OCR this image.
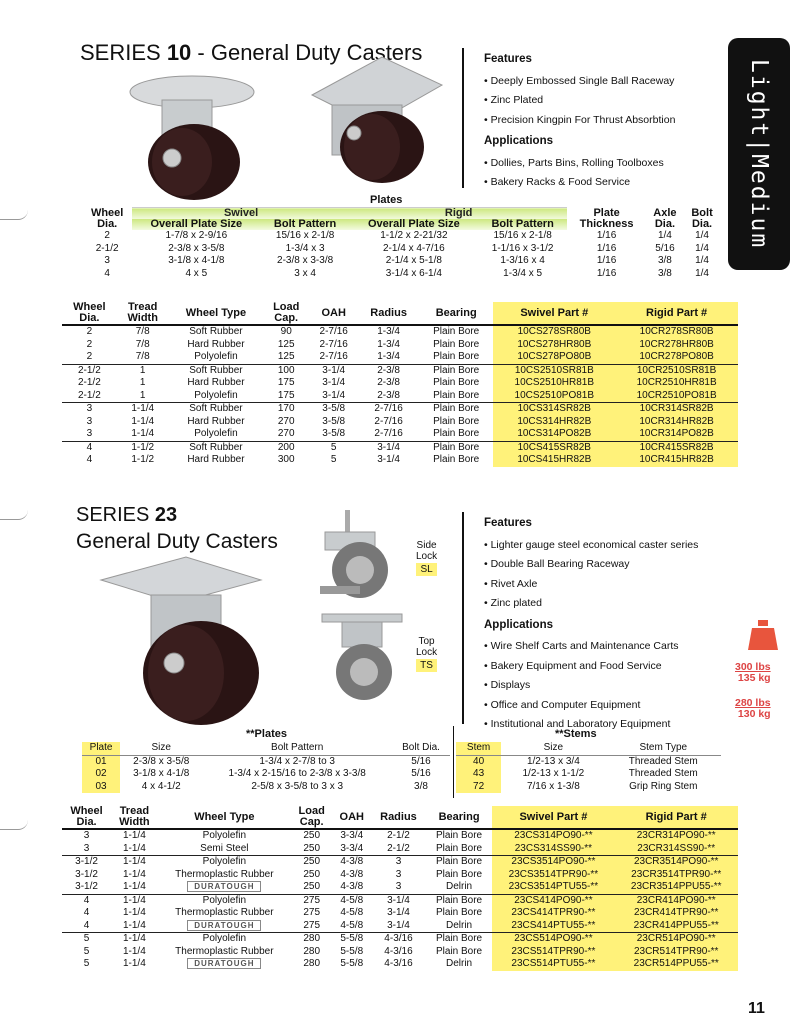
SERIES 10 - General Duty Casters	Features
• Deeply Embossed Single Ball Raceway
• Zinc Plated
• Precision Kingpin For Thrust Absorbtion
Applications
• Dollies, Parts Bins, Rolling Toolboxes
• Bakery Racks & Food Service	Light|Medium
Plates
Wheel
Dia.	Swivel		Rigid		Plate
Thickness	Axle
Dia.	Bolt
Dia.
	Overall Plate Size	Bolt Pattern	Overall Plate Size	Bolt Pattern			
2	1-7/8 x 2-9/16	15/16 x 2-1/8	1-1/2 x 2-21/32	15/16 x 2-1/8	1/16	1/4	1/4
2-1/2	2-3/8 x 3-5/8	1-3/4 x 3	2-1/4 x 4-7/16	1-1/16 x 3-1/2	1/16	5/16	1/4
3	3-1/8 x 4-1/8	2-3/8 x 3-3/8	2-1/4 x 5-1/8	1-3/16 x 4	1/16	3/8	1/4
4	4 x 5	3 x 4	3-1/4 x 6-1/4	1-3/4 x 5	1/16	3/8	1/4
Wheel
Dia.	Tread
Width	Wheel Type	Load
Cap.	OAH	Radius	Bearing	Swivel Part #	Rigid Part #
2	7/8	Soft Rubber	90	2-7/16	1-3/4	Plain Bore	10CS278SR80B	10CR278SR80B
2	7/8	Hard Rubber	125	2-7/16	1-3/4	Plain Bore	10CS278HR80B	10CR278HR80B
2	7/8	Polyolefin	125	2-7/16	1-3/4	Plain Bore	10CS278PO80B	10CR278PO80B
2-1/2	1	Soft Rubber	100	3-1/4	2-3/8	Plain Bore	10CS2510SR81B	10CR2510SR81B
2-1/2	1	Hard Rubber	175	3-1/4	2-3/8	Plain Bore	10CS2510HR81B	10CR2510HR81B
2-1/2	1	Polyolefin	175	3-1/4	2-3/8	Plain Bore	10CS2510PO81B	10CR2510PO81B
3	1-1/4	Soft Rubber	170	3-5/8	2-7/16	Plain Bore	10CS314SR82B	10CR314SR82B
3	1-1/4	Hard Rubber	270	3-5/8	2-7/16	Plain Bore	10CS314HR82B	10CR314HR82B
3	1-1/4	Polyolefin	270	3-5/8	2-7/16	Plain Bore	10CS314PO82B	10CR314PO82B
4	1-1/2	Soft Rubber	200	5	3-1/4	Plain Bore	10CS415SR82B	10CR415SR82B
4	1-1/2	Hard Rubber	300	5	3-1/4	Plain Bore	10CS415HR82B	10CR415HR82B
SERIES 23
General Duty Casters	Side
Lock
SL
Top
Lock
TS
Features
• Lighter gauge steel economical caster series
• Double Ball Bearing Raceway
• Rivet Axle
• Zinc plated
Applications
• Wire Shelf Carts and Maintenance Carts
• Bakery Equipment and Food Service
• Displays
• Office and Computer Equipment
• Institutional and Laboratory Equipment
300 lbs
135 kg
280 lbs
130 kg
**Plates	**Stems
Plate	Size	Bolt Pattern	Bolt Dia.
01	2-3/8 x 3-5/8	1-3/4 x 2-7/8 to 3	5/16
02	3-1/8 x 4-1/8	1-3/4 x 2-15/16 to 2-3/8 x 3-3/8	5/16
03	4 x 4-1/2	2-5/8 x 3-5/8 to 3 x 3	3/8
Stem	Size	Stem Type
40	1/2-13 x 3/4	Threaded Stem
43	1/2-13 x 1-1/2	Threaded Stem
72	7/16 x 1-3/8	Grip Ring Stem
Wheel
Dia.	Tread
Width	Wheel Type	Load
Cap.	OAH	Radius	Bearing	Swivel Part #	Rigid Part #
3	1-1/4	Polyolefin	250	3-3/4	2-1/2	Plain Bore	23CS314PO90-**	23CR314PO90-**
3	1-1/4	Semi Steel	250	3-3/4	2-1/2	Plain Bore	23CS314SS90-**	23CR314SS90-**
3-1/2	1-1/4	Polyolefin	250	4-3/8	3	Plain Bore	23CS3514PO90-**	23CR3514PO90-**
3-1/2	1-1/4	Thermoplastic Rubber	250	4-3/8	3	Plain Bore	23CS3514TPR90-**	23CR3514TPR90-**
3-1/2	1-1/4	DURATOUGH	250	4-3/8	3	Delrin	23CS3514PTU55-**	23CR3514PPU55-**
4	1-1/4	Polyolefin	275	4-5/8	3-1/4	Plain Bore	23CS414PO90-**	23CR414PO90-**
4	1-1/4	Thermoplastic Rubber	275	4-5/8	3-1/4	Plain Bore	23CS414TPR90-**	23CR414TPR90-**
4	1-1/4	DURATOUGH	275	4-5/8	3-1/4	Delrin	23CS414PTU55-**	23CR414PPU55-**
5	1-1/4	Polyolefin	280	5-5/8	4-3/16	Plain Bore	23CS514PO90-**	23CR514PO90-**
5	1-1/4	Thermoplastic Rubber	280	5-5/8	4-3/16	Plain Bore	23CS514TPR90-**	23CR514TPR90-**
5	1-1/4	DURATOUGH	280	5-5/8	4-3/16	Delrin	23CS514PTU55-**	23CR514PPU55-**
11
